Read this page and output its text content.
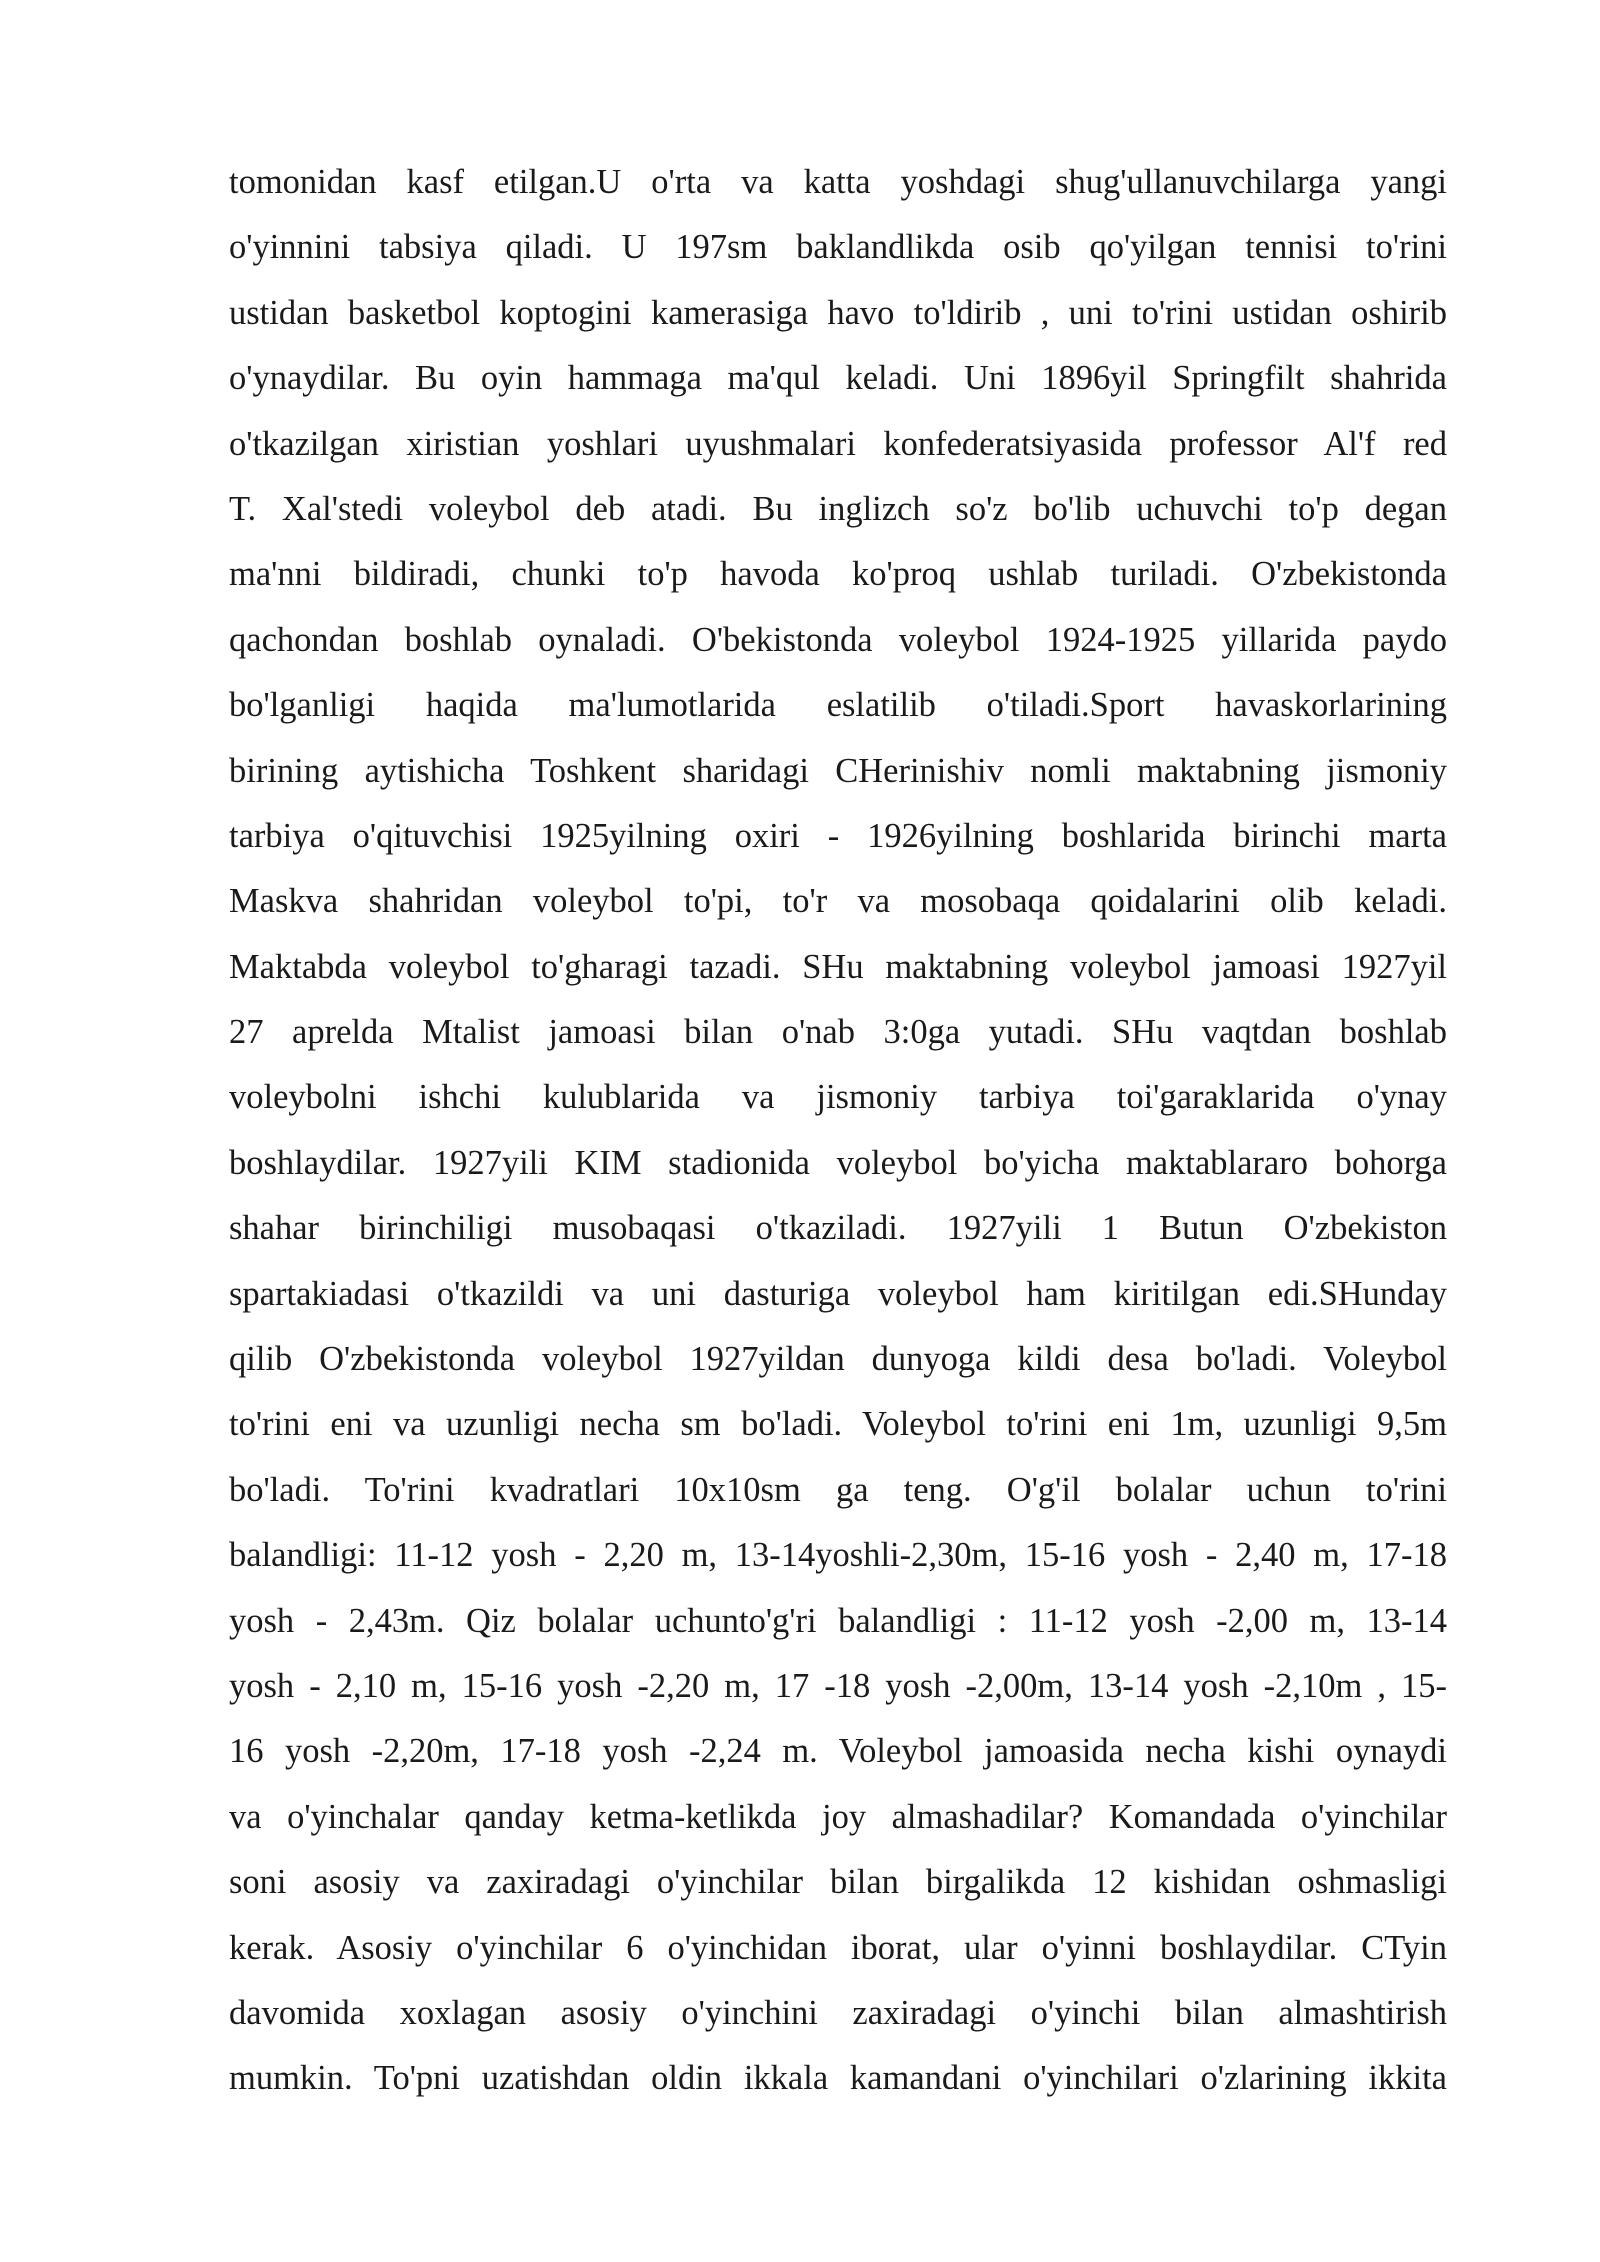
tomonidan kasf etilgan.U o'rta va katta yoshdagi shug'ullanuvchilarga yangi
o'yinnini tabsiya qiladi. U 197sm baklandlikda osib qo'yilgan tennisi to'rini
ustidan basketbol koptogini kamerasiga havo to'ldirib , uni to'rini ustidan oshirib
o'ynaydilar. Bu oyin hammaga ma'qul keladi. Uni 1896yil Springfilt shahrida
o'tkazilgan xiristian yoshlari uyushmalari konfederatsiyasida professor Al'f red
T. Xal'stedi voleybol deb atadi. Bu inglizch so'z bo'lib uchuvchi to'p degan
ma'nni bildiradi, chunki to'p havoda ko'proq ushlab turiladi. O'zbekistonda
qachondan boshlab oynaladi. O'bekistonda voleybol 1924-1925 yillarida paydo
bo'lganligi haqida ma'lumotlarida eslatilib o'tiladi.Sport havaskorlarining
birining aytishicha Toshkent sharidagi CHerinishiv nomli maktabning jismoniy
tarbiya o'qituvchisi 1925yilning oxiri - 1926yilning boshlarida birinchi marta
Maskva shahridan voleybol to'pi, to'r va mosobaqa qoidalarini olib keladi.
Maktabda voleybol to'gharagi tazadi. SHu maktabning voleybol jamoasi 1927yil
27 aprelda Mtalist jamoasi bilan o'nab 3:0ga yutadi. SHu vaqtdan boshlab
voleybolni ishchi kulublarida va jismoniy tarbiya toi'garaklarida o'ynay
boshlaydilar. 1927yili KIM stadionida voleybol bo'yicha maktablararo bohorga
shahar birinchiligi musobaqasi o'tkaziladi. 1927yili 1 Butun O'zbekiston
spartakiadasi o'tkazildi va uni dasturiga voleybol ham kiritilgan edi.SHunday
qilib O'zbekistonda voleybol 1927yildan dunyoga kildi desa bo'ladi. Voleybol
to'rini eni va uzunligi necha sm bo'ladi. Voleybol to'rini eni 1m, uzunligi 9,5m
bo'ladi. To'rini kvadratlari 10x10sm ga teng. O'g'il bolalar uchun to'rini
balandligi: 11-12 yosh - 2,20 m, 13-14yoshli-2,30m, 15-16 yosh - 2,40 m, 17-18
yosh - 2,43m. Qiz bolalar uchunto'g'ri balandligi : 11-12 yosh -2,00 m, 13-14
yosh - 2,10 m, 15-16 yosh -2,20 m, 17 -18 yosh -2,00m, 13-14 yosh -2,10m , 15-
16 yosh -2,20m, 17-18 yosh -2,24 m. Voleybol jamoasida necha kishi oynaydi
va o'yinchalar qanday ketma-ketlikda joy almashadilar? Komandada o'yinchilar
soni asosiy va zaxiradagi o'yinchilar bilan birgalikda 12 kishidan oshmasligi
kerak. Asosiy o'yinchilar 6 o'yinchidan iborat, ular o'yinni boshlaydilar. CTyin
davomida xoxlagan asosiy o'yinchini zaxiradagi o'yinchi bilan almashtirish
mumkin. To'pni uzatishdan oldin ikkala kamandani o'yinchilari o'zlarining ikkita
